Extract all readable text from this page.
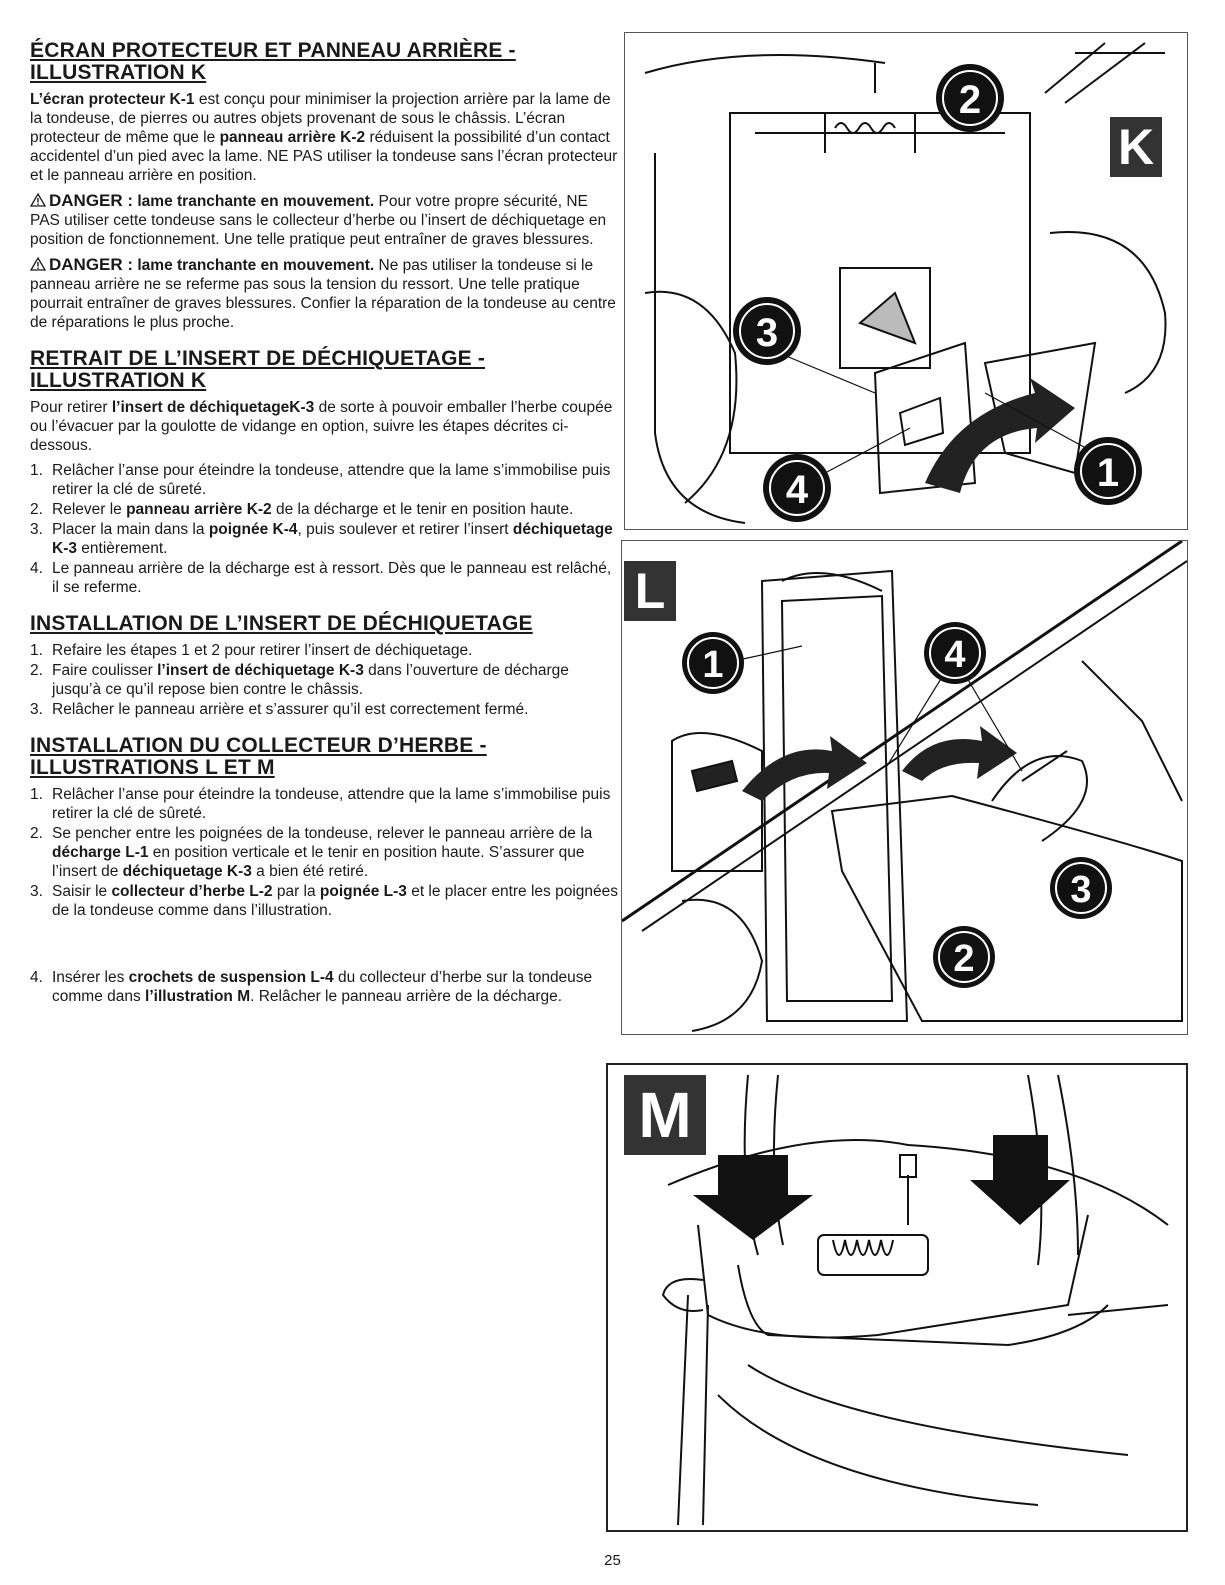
ÉCRAN PROTECTEUR ET PANNEAU ARRIÈRE -
ILLUSTRATION K

L’écran protecteur K-1 est conçu pour minimiser la projection arrière par la lame de la tondeuse, de pierres ou autres objets provenant de sous le châssis. L’écran protecteur de même que le panneau arrière K-2 réduisent la possibilité d’un contact accidentel d’un pied avec la lame. NE PAS utiliser la tondeuse sans l’écran protecteur et le panneau arrière en position.

DANGER : lame tranchante en mouvement. Pour votre propre sécurité, NE PAS utiliser cette tondeuse sans le collecteur d’herbe ou l’insert de déchiquetage en position de fonctionnement. Une telle pratique peut entraîner de graves blessures.

DANGER : lame tranchante en mouvement. Ne pas utiliser la tondeuse si le panneau arrière ne se referme pas sous la tension du ressort. Une telle pratique pourrait entraîner de graves blessures. Confier la réparation de la tondeuse au centre de réparations le plus proche.

RETRAIT DE L’INSERT DE DÉCHIQUETAGE -
ILLUSTRATION K

Pour retirer l’insert de déchiquetageK-3 de sorte à pouvoir emballer l’herbe coupée ou l’évacuer par la goulotte de vidange en option, suivre les étapes décrites ci-dessous.

1. Relâcher l’anse pour éteindre la tondeuse, attendre que la lame s’immobilise puis retirer la clé de sûreté.
2. Relever le panneau arrière K-2 de la décharge et le tenir en position haute.
3. Placer la main dans la poignée K-4, puis soulever et retirer l’insert déchiquetage K-3 entièrement.
4. Le panneau arrière de la décharge est à ressort. Dès que le panneau est relâché, il se referme.
INSTALLATION DE L’INSERT DE DÉCHIQUETAGE
1. Refaire les étapes 1 et 2 pour retirer l’insert de déchiquetage.
2. Faire coulisser l’insert de déchiquetage K-3 dans l’ouverture de décharge jusqu’à ce qu’il repose bien contre le châssis.
3. Relâcher le panneau arrière et s’assurer qu’il est correctement fermé.
INSTALLATION DU COLLECTEUR D’HERBE -
ILLUSTRATIONS L ET M
1. Relâcher l’anse pour éteindre la tondeuse, attendre que la lame s’immobilise puis retirer la clé de sûreté.
2. Se pencher entre les poignées de la tondeuse, relever le panneau arrière de la décharge L-1 en position verticale et le tenir en position haute. S’assurer que l’insert de déchiquetage K-3 a bien été retiré.
3. Saisir le collecteur d’herbe L-2 par la poignée L-3 et le placer entre les poignées de la tondeuse comme dans l’illustration.
4. Insérer les crochets de suspension L-4 du collecteur d’herbe sur la tondeuse comme dans l’illustration M. Relâcher le panneau arrière de la décharge.
K
2
3
1
4
L
1	4
3
2
M
25
